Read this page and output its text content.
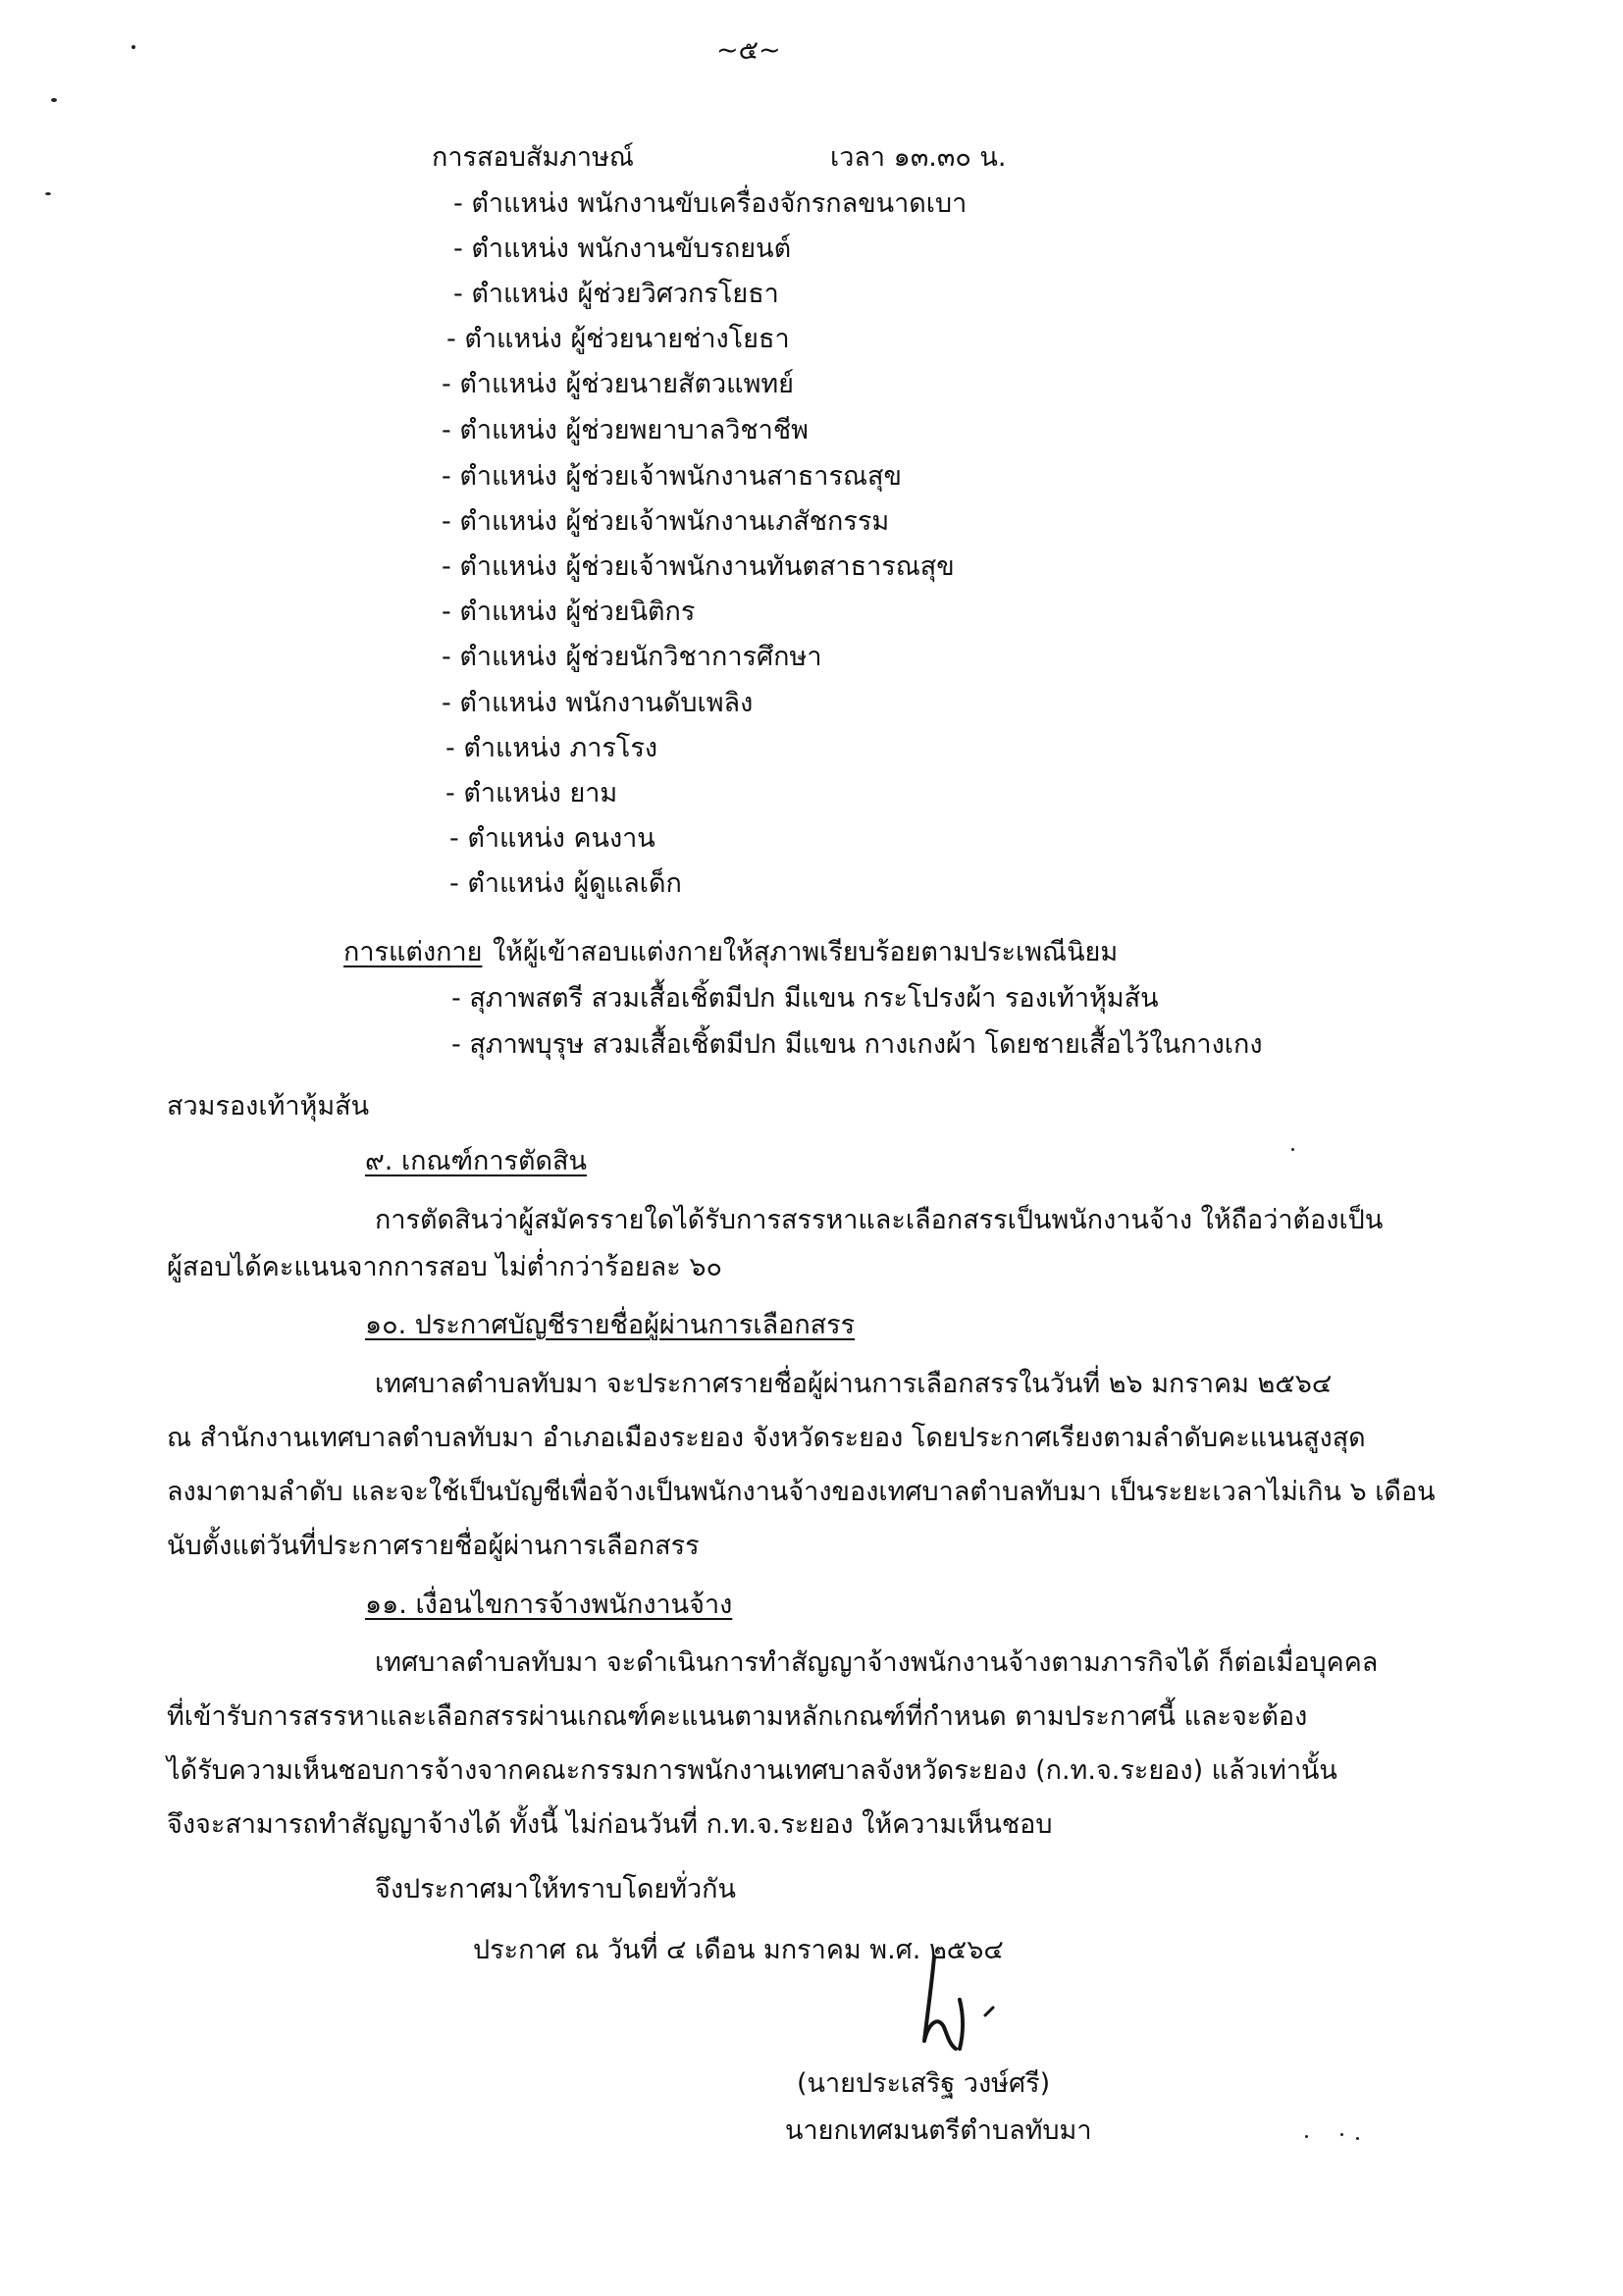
~๕~
การสอบสัมภาษณ์	เวลา ๑๓.๓๐ น.
- ตำแหน่ง พนักงานขับเครื่องจักรกลขนาดเบา
- ตำแหน่ง พนักงานขับรถยนต์
- ตำแหน่ง ผู้ช่วยวิศวกรโยธา
- ตำแหน่ง ผู้ช่วยนายช่างโยธา
- ตำแหน่ง ผู้ช่วยนายสัตวแพทย์
- ตำแหน่ง ผู้ช่วยพยาบาลวิชาชีพ
- ตำแหน่ง ผู้ช่วยเจ้าพนักงานสาธารณสุข
- ตำแหน่ง ผู้ช่วยเจ้าพนักงานเภสัชกรรม
- ตำแหน่ง ผู้ช่วยเจ้าพนักงานทันตสาธารณสุข
- ตำแหน่ง ผู้ช่วยนิติกร
- ตำแหน่ง ผู้ช่วยนักวิชาการศึกษา
- ตำแหน่ง พนักงานดับเพลิง
- ตำแหน่ง ภารโรง
- ตำแหน่ง ยาม
- ตำแหน่ง คนงาน
- ตำแหน่ง ผู้ดูแลเด็ก
การแต่งกาย ให้ผู้เข้าสอบแต่งกายให้สุภาพเรียบร้อยตามประเพณีนิยม
- สุภาพสตรี สวมเสื้อเชิ้ตมีปก มีแขน กระโปรงผ้า รองเท้าหุ้มส้น
- สุภาพบุรุษ สวมเสื้อเชิ้ตมีปก มีแขน กางเกงผ้า โดยชายเสื้อไว้ในกางเกง
สวมรองเท้าหุ้มส้น
๙. เกณฑ์การตัดสิน
การตัดสินว่าผู้สมัครรายใดได้รับการสรรหาและเลือกสรรเป็นพนักงานจ้าง ให้ถือว่าต้องเป็น
ผู้สอบได้คะแนนจากการสอบ ไม่ต่ำกว่าร้อยละ ๖๐
๑๐. ประกาศบัญชีรายชื่อผู้ผ่านการเลือกสรร
เทศบาลตำบลทับมา จะประกาศรายชื่อผู้ผ่านการเลือกสรรในวันที่ ๒๖ มกราคม ๒๕๖๔
ณ สำนักงานเทศบาลตำบลทับมา อำเภอเมืองระยอง จังหวัดระยอง โดยประกาศเรียงตามลำดับคะแนนสูงสุด
ลงมาตามลำดับ และจะใช้เป็นบัญชีเพื่อจ้างเป็นพนักงานจ้างของเทศบาลตำบลทับมา เป็นระยะเวลาไม่เกิน ๖ เดือน
นับตั้งแต่วันที่ประกาศรายชื่อผู้ผ่านการเลือกสรร
๑๑. เงื่อนไขการจ้างพนักงานจ้าง
เทศบาลตำบลทับมา จะดำเนินการทำสัญญาจ้างพนักงานจ้างตามภารกิจได้ ก็ต่อเมื่อบุคคล
ที่เข้ารับการสรรหาและเลือกสรรผ่านเกณฑ์คะแนนตามหลักเกณฑ์ที่กำหนด ตามประกาศนี้ และจะต้อง
ได้รับความเห็นชอบการจ้างจากคณะกรรมการพนักงานเทศบาลจังหวัดระยอง (ก.ท.จ.ระยอง) แล้วเท่านั้น
จึงจะสามารถทำสัญญาจ้างได้ ทั้งนี้ ไม่ก่อนวันที่ ก.ท.จ.ระยอง ให้ความเห็นชอบ
จึงประกาศมาให้ทราบโดยทั่วกัน
ประกาศ ณ วันที่ ๔ เดือน มกราคม พ.ศ. ๒๕๖๔
(นายประเสริฐ วงษ์ศรี)
นายกเทศมนตรีตำบลทับมา
